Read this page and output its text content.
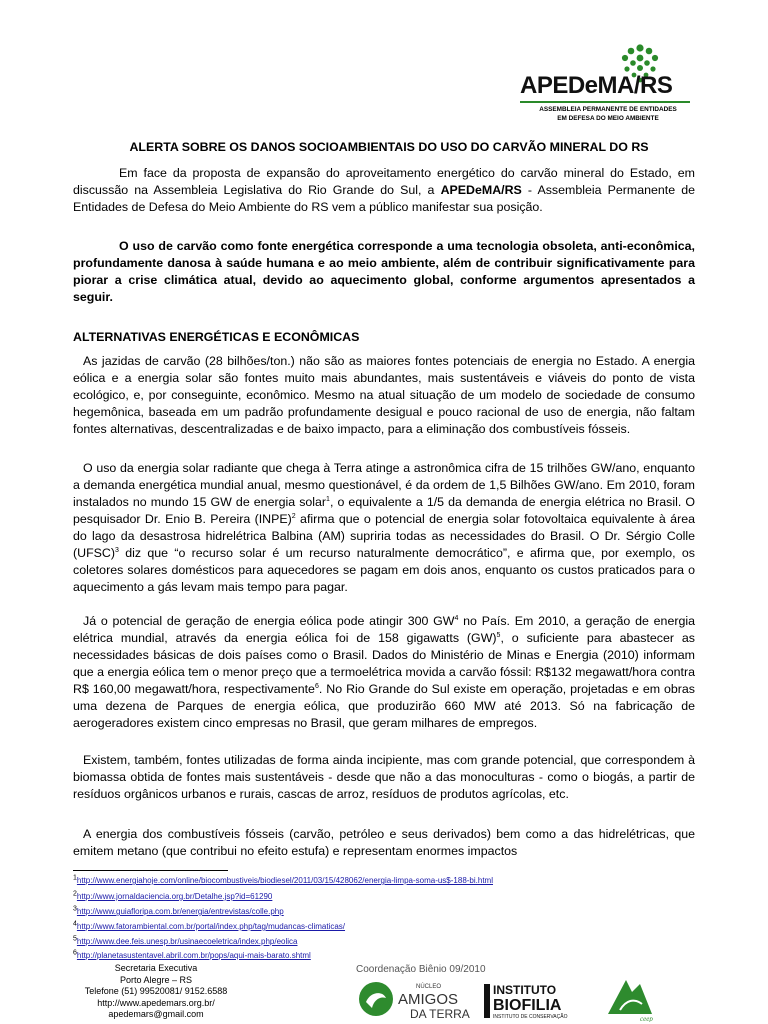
APEDeMA/RS
ASSEMBLEIA PERMANENTE DE ENTIDADES
EM DEFESA DO MEIO AMBIENTE
ALERTA SOBRE OS DANOS SOCIOAMBIENTAIS DO USO DO CARVÃO MINERAL DO RS
Em face da proposta de expansão do aproveitamento energético do carvão mineral do Estado, em discussão na Assembleia Legislativa do Rio Grande do Sul, a APEDeMA/RS - Assembleia Permanente de Entidades de Defesa do Meio Ambiente do RS vem a público manifestar sua posição.
O uso de carvão como fonte energética corresponde a uma tecnologia obsoleta, anti-econômica, profundamente danosa à saúde humana e ao meio ambiente, além de contribuir significativamente para piorar a crise climática atual, devido ao aquecimento global, conforme argumentos apresentados a seguir.
ALTERNATIVAS ENERGÉTICAS E ECONÔMICAS
As jazidas de carvão (28 bilhões/ton.) não são as maiores fontes potenciais de energia no Estado. A energia eólica e a energia solar são fontes muito mais abundantes, mais sustentáveis e viáveis do ponto de vista ecológico, e, por conseguinte, econômico. Mesmo na atual situação de um modelo de sociedade de consumo hegemônica, baseada em um padrão profundamente desigual e pouco racional de uso de energia, não faltam fontes alternativas, descentralizadas e de baixo impacto, para a eliminação dos combustíveis fósseis.
O uso da energia solar radiante que chega à Terra atinge a astronômica cifra de 15 trilhões GW/ano, enquanto a demanda energética mundial anual, mesmo questionável, é da ordem de 1,5 Bilhões GW/ano. Em 2010, foram instalados no mundo 15 GW de energia solar$^1$, o equivalente a 1/5 da demanda de energia elétrica no Brasil. O pesquisador Dr. Enio B. Pereira (INPE)$^2$ afirma que o potencial de energia solar fotovoltaica equivalente à área do lago da desastrosa hidrelétrica Balbina (AM) supriria todas as necessidades do Brasil. O Dr. Sérgio Colle (UFSC)$^3$ diz que “o recurso solar é um recurso naturalmente democrático”, e afirma que, por exemplo, os coletores solares domésticos para aquecedores se pagam em dois anos, enquanto os custos praticados para o aquecimento a gás levam mais tempo para pagar.
Já o potencial de geração de energia eólica pode atingir 300 $GW^4$ no País. Em 2010, a geração de energia elétrica mundial, através da energia eólica foi de 158 gigawatts (GW)$^5$, o suficiente para abastecer as necessidades básicas de dois países como o Brasil. Dados do Ministério de Minas e Energia (2010) informam que a energia eólica tem o menor preço que a termoelétrica movida a carvão fóssil: R$132 megawatt/hora contra R$ 160,00 megawatt/hora, respectivamente$^6$. No Rio Grande do Sul existe em operação, projetadas e em obras uma dezena de Parques de energia eólica, que produzirão 660 MW até 2013. Só na fabricação de aerogeradores existem cinco empresas no Brasil, que geram milhares de empregos.
Existem, também, fontes utilizadas de forma ainda incipiente, mas com grande potencial, que correspondem à biomassa obtida de fontes mais sustentáveis - desde que não a das monoculturas - como o biogás, a partir de resíduos orgânicos urbanos e rurais, cascas de arroz, resíduos de produtos agrícolas, etc.
A energia dos combustíveis fósseis (carvão, petróleo e seus derivados) bem como a das hidrelétricas, que emitem metano (que contribui no efeito estufa) e representam enormes impactos
$^1$http://www.energiahoje.com/online/biocombustiveis/biodiesel/2011/03/15/428062/energia-limpa-soma-us$-188-bi.html
$^2$http://www.jornaldaciencia.org.br/Detalhe.jsp?id=61290
$^3$http://www.guiafloripa.com.br/energia/entrevistas/colle.php
$^4$http://www.fatorambiental.com.br/portal/index.php/tag/mudancas-climaticas/
$^5$http://www.dee.feis.unesp.br/usinaecoeletrica/index.php/eolica
$^6$http://planetasustentavel.abril.com.br/pops/aqui-mais-barato.shtml
Secretaria Executiva
Porto Alegre – RS
Telefone (51) 99520081/ 9152.6588
http://www.apedemars.org.br/
apedemars@gmail.com
Coordenação Biênio 09/2010
NÚCLEO
AMIGOS
DA TERRA
INSTITUTO
BIOFILIA
INSTITUTO DE CONSERVAÇÃO	ceep
